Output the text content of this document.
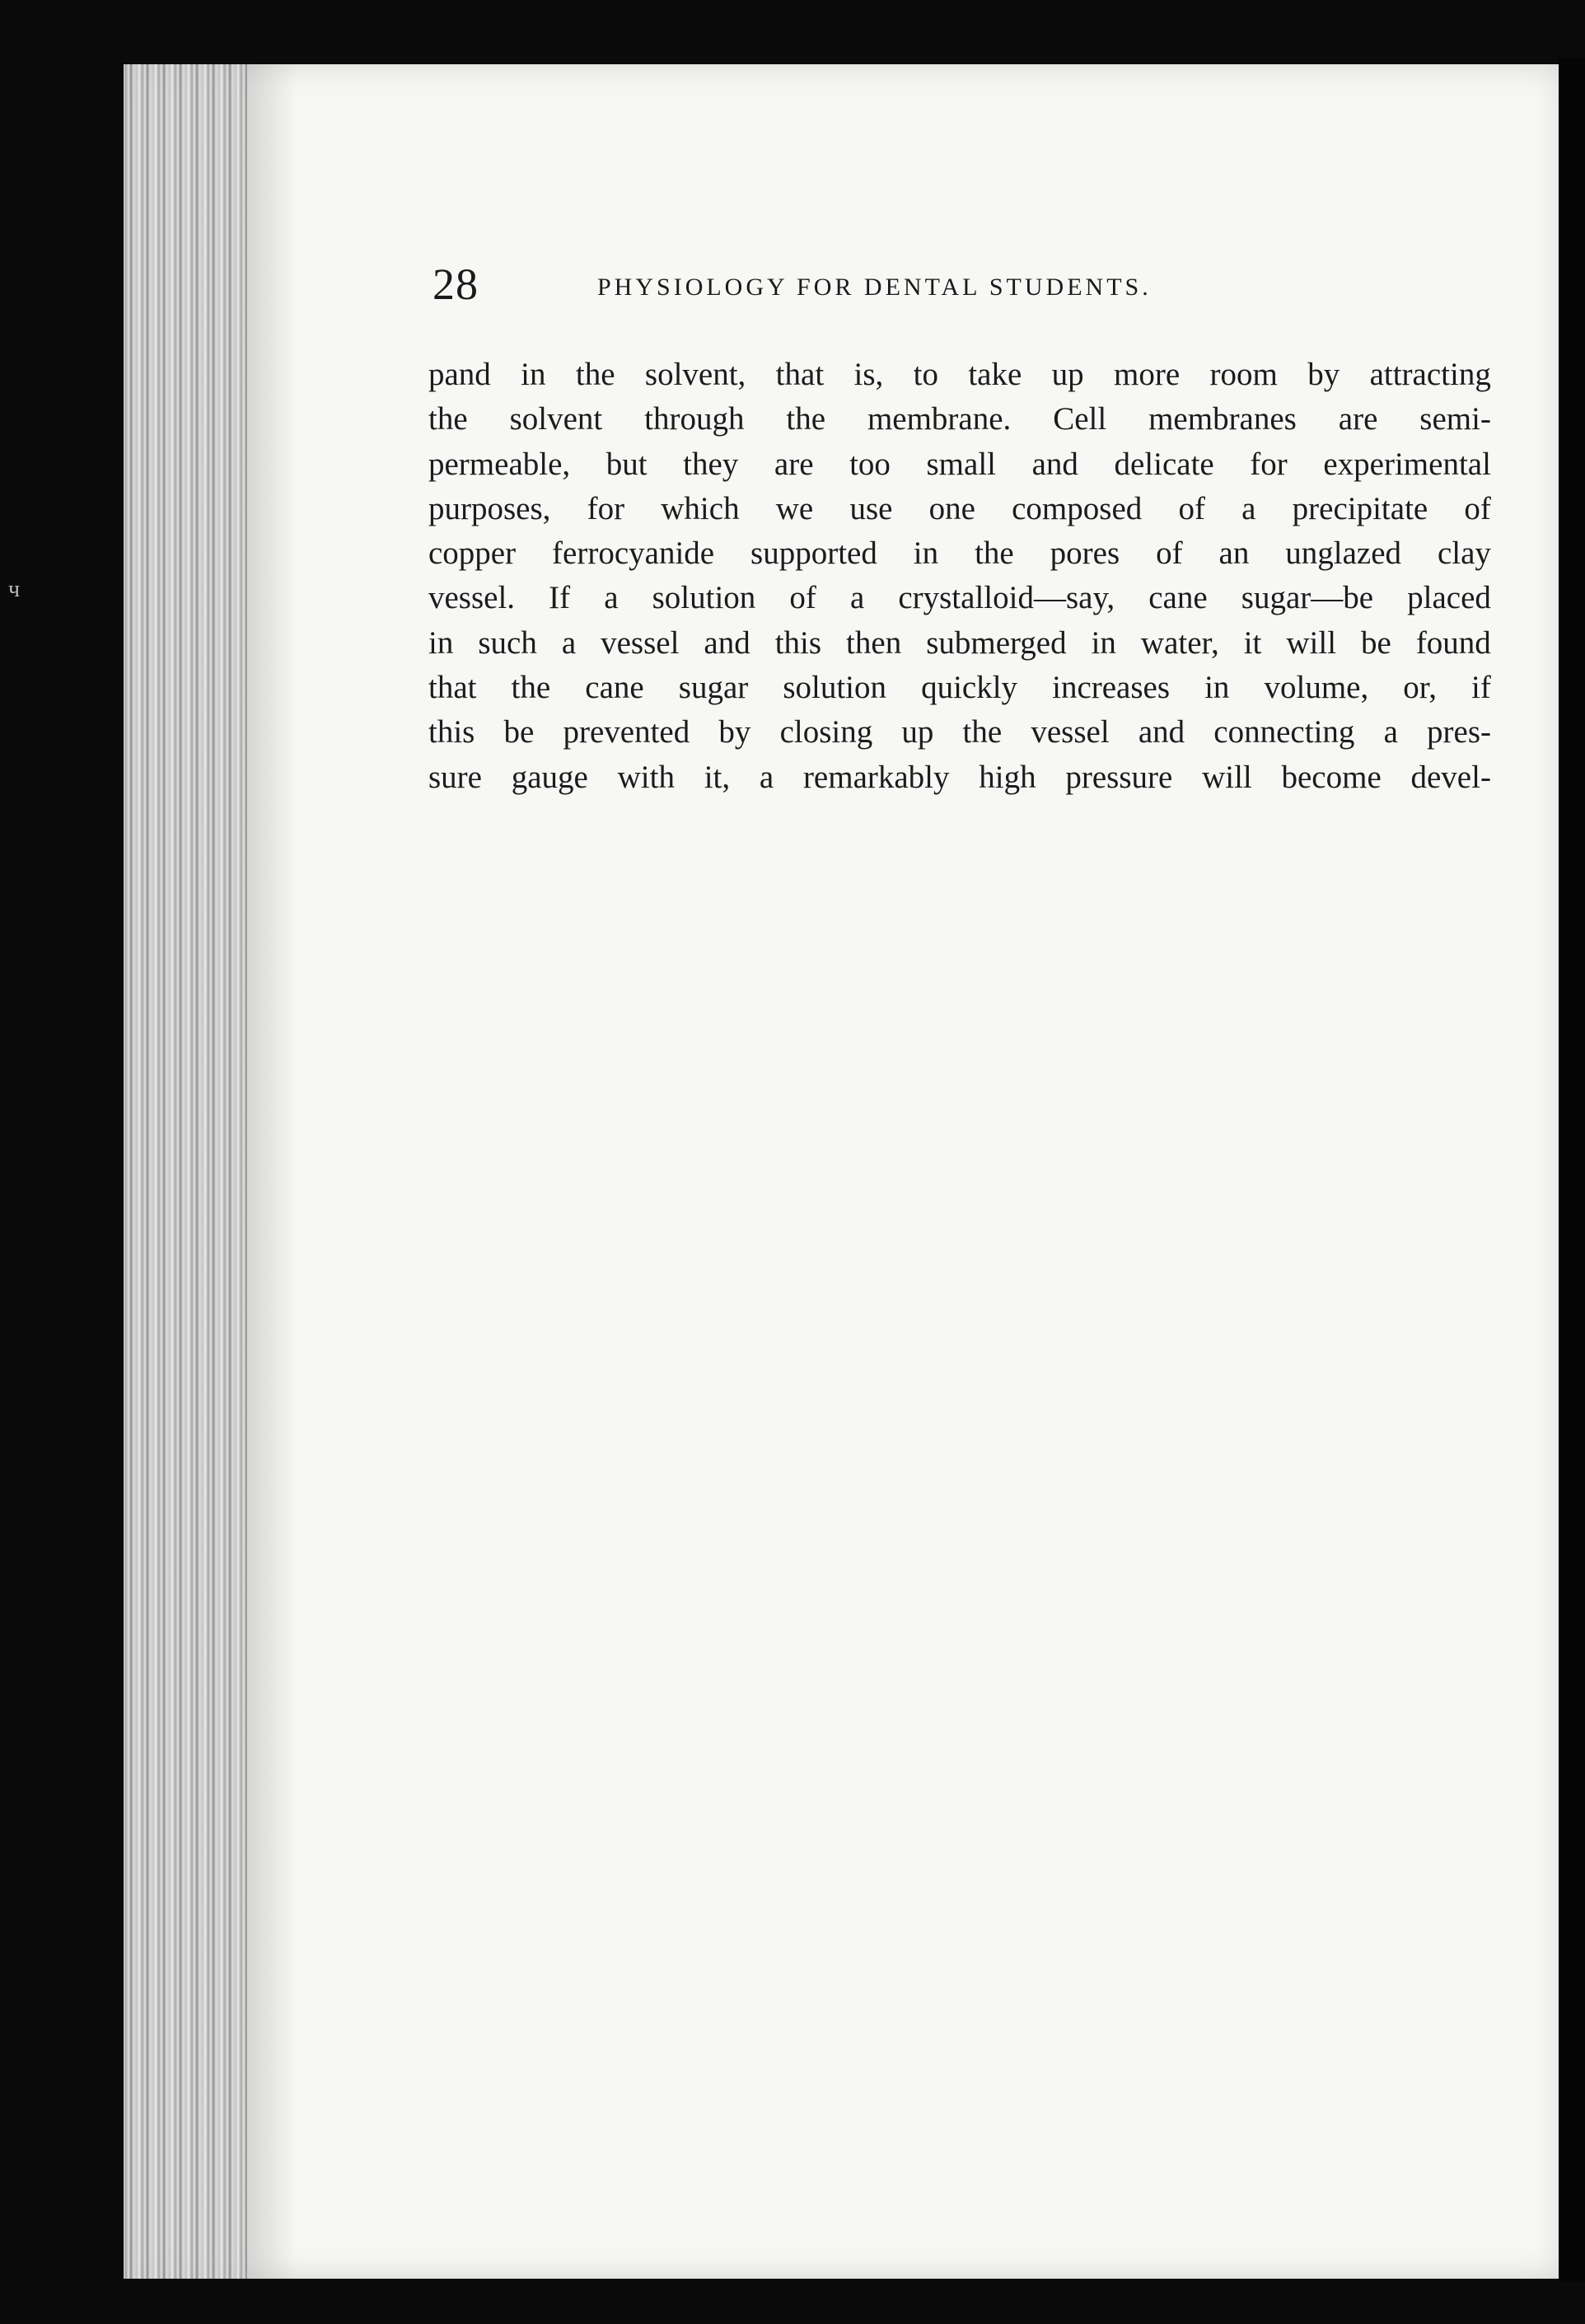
ч
28	PHYSIOLOGY FOR DENTAL STUDENTS.
pand in the solvent, that is, to take up more room by attracting
the solvent through the membrane. Cell membranes are semi-
permeable, but they are too small and delicate for experimental
purposes, for which we use one composed of a precipitate of
copper ferrocyanide supported in the pores of an unglazed clay
vessel. If a solution of a crystalloid—say, cane sugar—be placed
in such a vessel and this then submerged in water, it will be found
that the cane sugar solution quickly increases in volume, or, if
this be prevented by closing up the vessel and connecting a pres-
sure gauge with it, a remarkably high pressure will become devel-
